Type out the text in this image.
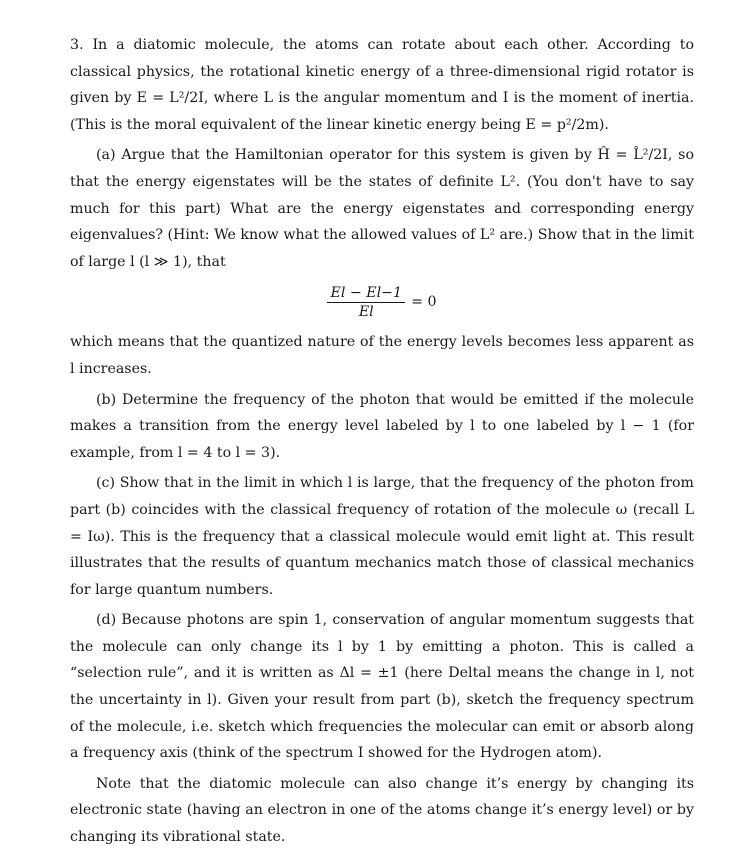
3. In a diatomic molecule, the atoms can rotate about each other. According to classical physics, the rotational kinetic energy of a three-dimensional rigid rotator is given by E = L²/2I, where L is the angular momentum and I is the moment of inertia. (This is the moral equivalent of the linear kinetic energy being E = p²/2m).

(a) Argue that the Hamiltonian operator for this system is given by Ĥ = L̂²/2I, so that the energy eigenstates will be the states of definite L². (You don't have to say much for this part) What are the energy eigenstates and corresponding energy eigenvalues? (Hint: We know what the allowed values of L² are.) Show that in the limit of large l (l ≫ 1), that

$\frac{El - El-1}{El} = 0$

which means that the quantized nature of the energy levels becomes less apparent as l increases.

(b) Determine the frequency of the photon that would be emitted if the molecule makes a transition from the energy level labeled by l to one labeled by l − 1 (for example, from l = 4 to l = 3).

(c) Show that in the limit in which l is large, that the frequency of the photon from part (b) coincides with the classical frequency of rotation of the molecule ω (recall L = Iω). This is the frequency that a classical molecule would emit light at. This result illustrates that the results of quantum mechanics match those of classical mechanics for large quantum numbers.

(d) Because photons are spin 1, conservation of angular momentum suggests that the molecule can only change its l by 1 by emitting a photon. This is called a “selection rule”, and it is written as Δl = ±1 (here Deltal means the change in l, not the uncertainty in l). Given your result from part (b), sketch the frequency spectrum of the molecule, i.e. sketch which frequencies the molecular can emit or absorb along a frequency axis (think of the spectrum I showed for the Hydrogen atom).

Note that the diatomic molecule can also change it’s energy by changing its electronic state (having an electron in one of the atoms change it’s energy level) or by changing its vibrational state.
